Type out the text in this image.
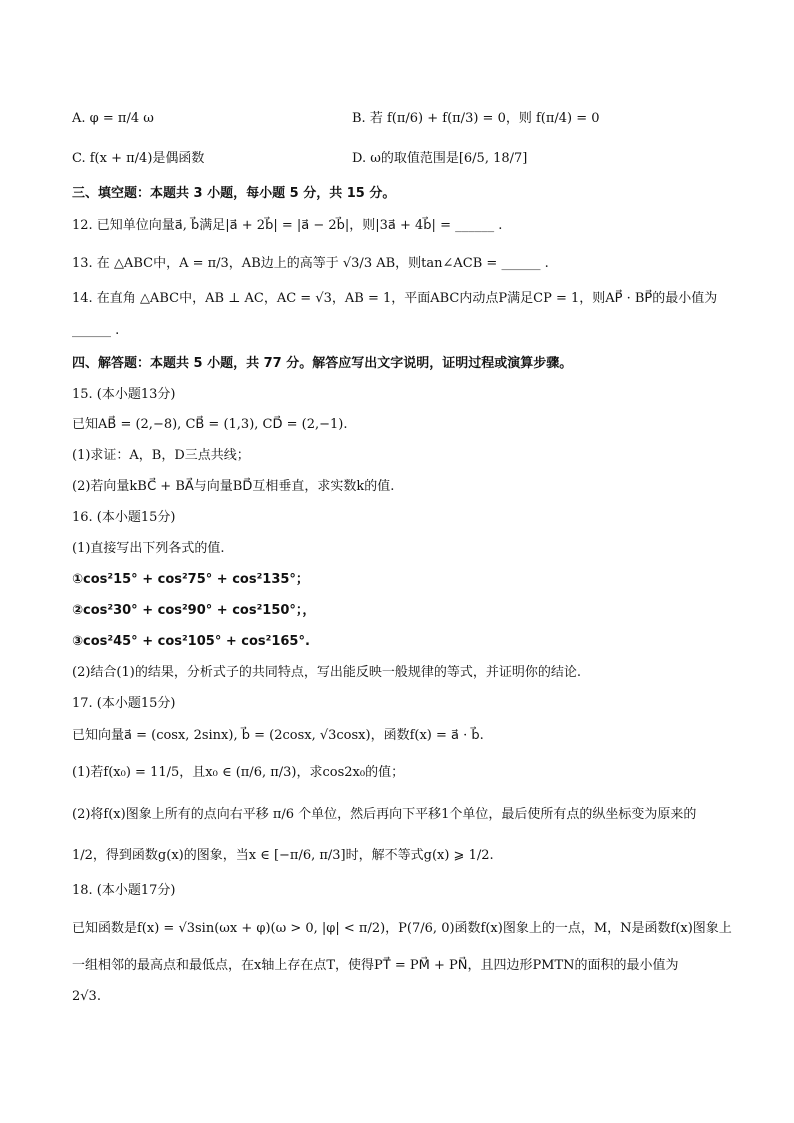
A. φ = π/4 ω	B. 若 f(π/6) + f(π/3) = 0，则 f(π/4) = 0
C. f(x + π/4)是偶函数	D. ω的取值范围是[6/5, 18/7]
三、填空题：本题共 3 小题，每小题 5 分，共 15 分。
12. 已知单位向量a⃗, b⃗满足|a⃗ + 2b⃗| = |a⃗ − 2b⃗|，则|3a⃗ + 4b⃗| = ______ .
13. 在 △ABC中，A = π/3，AB边上的高等于 √3/3 AB，则tan∠ACB = ______ .
14. 在直角 △ABC中，AB ⊥ AC，AC = √3，AB = 1，平面ABC内动点P满足CP = 1，则AP⃗ · BP⃗的最小值为
______ .
四、解答题：本题共 5 小题，共 77 分。解答应写出文字说明，证明过程或演算步骤。
15. (本小题13分)
已知AB⃗ = (2,−8), CB⃗ = (1,3), CD⃗ = (2,−1).
(1)求证：A，B，D三点共线；
(2)若向量kBC⃗ + BA⃗与向量BD⃗互相垂直，求实数k的值.
16. (本小题15分)
(1)直接写出下列各式的值.
①cos²15° + cos²75° + cos²135°；
②cos²30° + cos²90° + cos²150°；，
③cos²45° + cos²105° + cos²165°.
(2)结合(1)的结果，分析式子的共同特点，写出能反映一般规律的等式，并证明你的结论.
17. (本小题15分)
已知向量a⃗ = (cosx, 2sinx), b⃗ = (2cosx, √3cosx)，函数f(x) = a⃗ · b⃗.
(1)若f(x₀) = 11/5，且x₀ ∈ (π/6, π/3)，求cos2x₀的值；
(2)将f(x)图象上所有的点向右平移 π/6 个单位，然后再向下平移1个单位，最后使所有点的纵坐标变为原来的
1/2，得到函数g(x)的图象，当x ∈ [−π/6, π/3]时，解不等式g(x) ⩾ 1/2.
18. (本小题17分)
已知函数是f(x) = √3sin(ωx + φ)(ω > 0, |φ| < π/2)，P(7/6, 0)函数f(x)图象上的一点，M，N是函数f(x)图象上
一组相邻的最高点和最低点，在x轴上存在点T，使得PT⃗ = PM⃗ + PN⃗，且四边形PMTN的面积的最小值为
2√3.
